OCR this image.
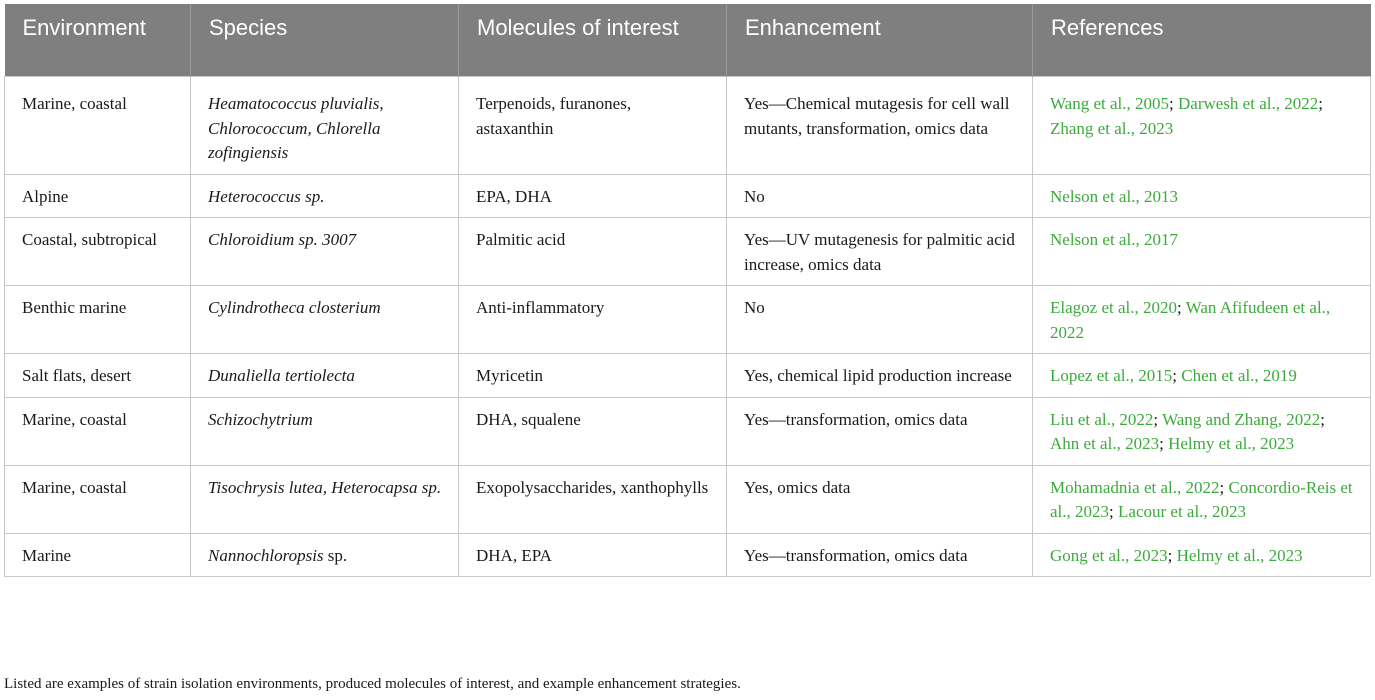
Environment	Species	Molecules of interest	Enhancement	References
Marine, coastal	Heamatococcus pluvialis, Chlorococcum, Chlorella zofingiensis	Terpenoids, furanones, astaxanthin	Yes—Chemical mutagesis for cell wall mutants, transformation, omics data	Wang et al., 2005; Darwesh et al., 2022; Zhang et al., 2023
Alpine	Heterococcus sp.	EPA, DHA	No	Nelson et al., 2013
Coastal, subtropical	Chloroidium sp. 3007	Palmitic acid	Yes—UV mutagenesis for palmitic acid increase, omics data	Nelson et al., 2017
Benthic marine	Cylindrotheca closterium	Anti-inflammatory	No	Elagoz et al., 2020; Wan Afifudeen et al., 2022
Salt flats, desert	Dunaliella tertiolecta	Myricetin	Yes, chemical lipid production increase	Lopez et al., 2015; Chen et al., 2019
Marine, coastal	Schizochytrium	DHA, squalene	Yes—transformation, omics data	Liu et al., 2022; Wang and Zhang, 2022; Ahn et al., 2023; Helmy et al., 2023
Marine, coastal	Tisochrysis lutea, Heterocapsa sp.	Exopolysaccharides, xanthophylls	Yes, omics data	Mohamadnia et al., 2022; Concordio-Reis et al., 2023; Lacour et al., 2023
Marine	Nannochloropsis sp.	DHA, EPA	Yes—transformation, omics data	Gong et al., 2023; Helmy et al., 2023
Listed are examples of strain isolation environments, produced molecules of interest, and example enhancement strategies.
